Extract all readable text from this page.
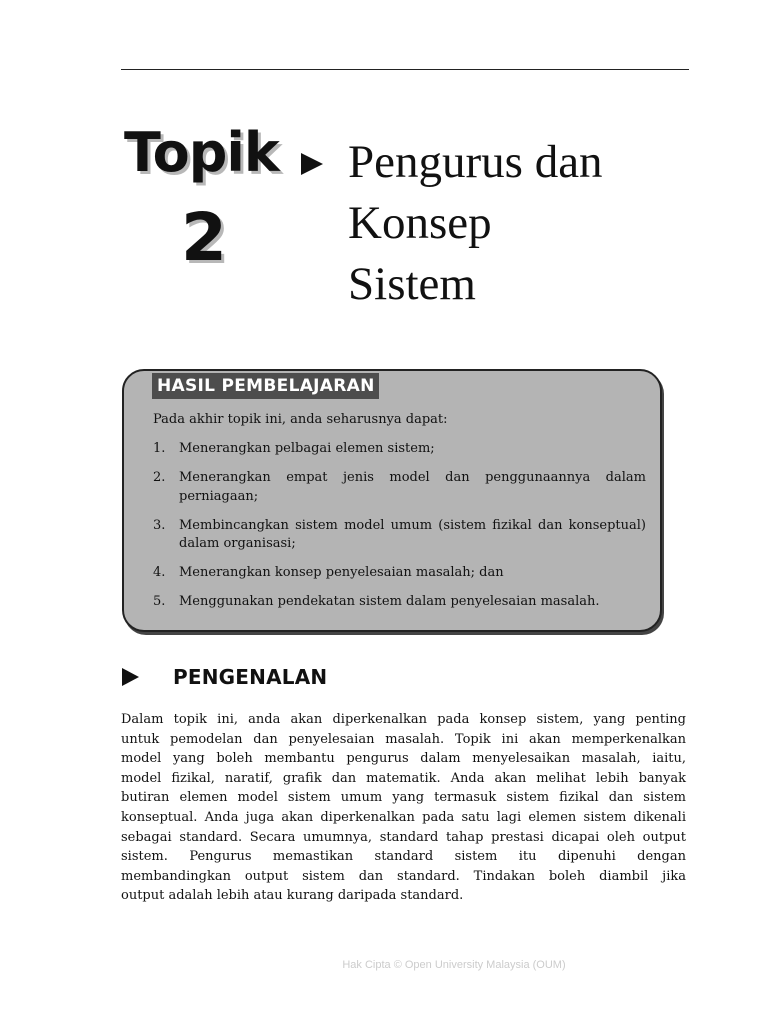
Topik
2
Pengurus dan
Konsep
Sistem
HASIL PEMBELAJARAN
Pada akhir topik ini, anda seharusnya dapat:
1.	Menerangkan pelbagai elemen sistem;
2.	Menerangkan empat jenis model dan penggunaannya dalam perniagaan;
3.	Membincangkan sistem model umum (sistem fizikal dan konseptual) dalam organisasi;
4.	Menerangkan konsep penyelesaian masalah; dan
5.	Menggunakan pendekatan sistem dalam penyelesaian masalah.
PENGENALAN

Dalam topik ini, anda akan diperkenalkan pada konsep sistem, yang penting
untuk pemodelan dan penyelesaian masalah. Topik ini akan memperkenalkan
model yang boleh membantu pengurus dalam menyelesaikan masalah, iaitu,
model fizikal, naratif, grafik dan matematik. Anda akan melihat lebih banyak
butiran elemen model sistem umum yang termasuk sistem fizikal dan sistem
konseptual. Anda juga akan diperkenalkan pada satu lagi elemen sistem dikenali
sebagai standard. Secara umumnya, standard tahap prestasi dicapai oleh output
sistem. Pengurus memastikan standard sistem itu dipenuhi dengan
membandingkan output sistem dan standard. Tindakan boleh diambil jika
output adalah lebih atau kurang daripada standard.

Hak Cipta © Open University Malaysia (OUM)
